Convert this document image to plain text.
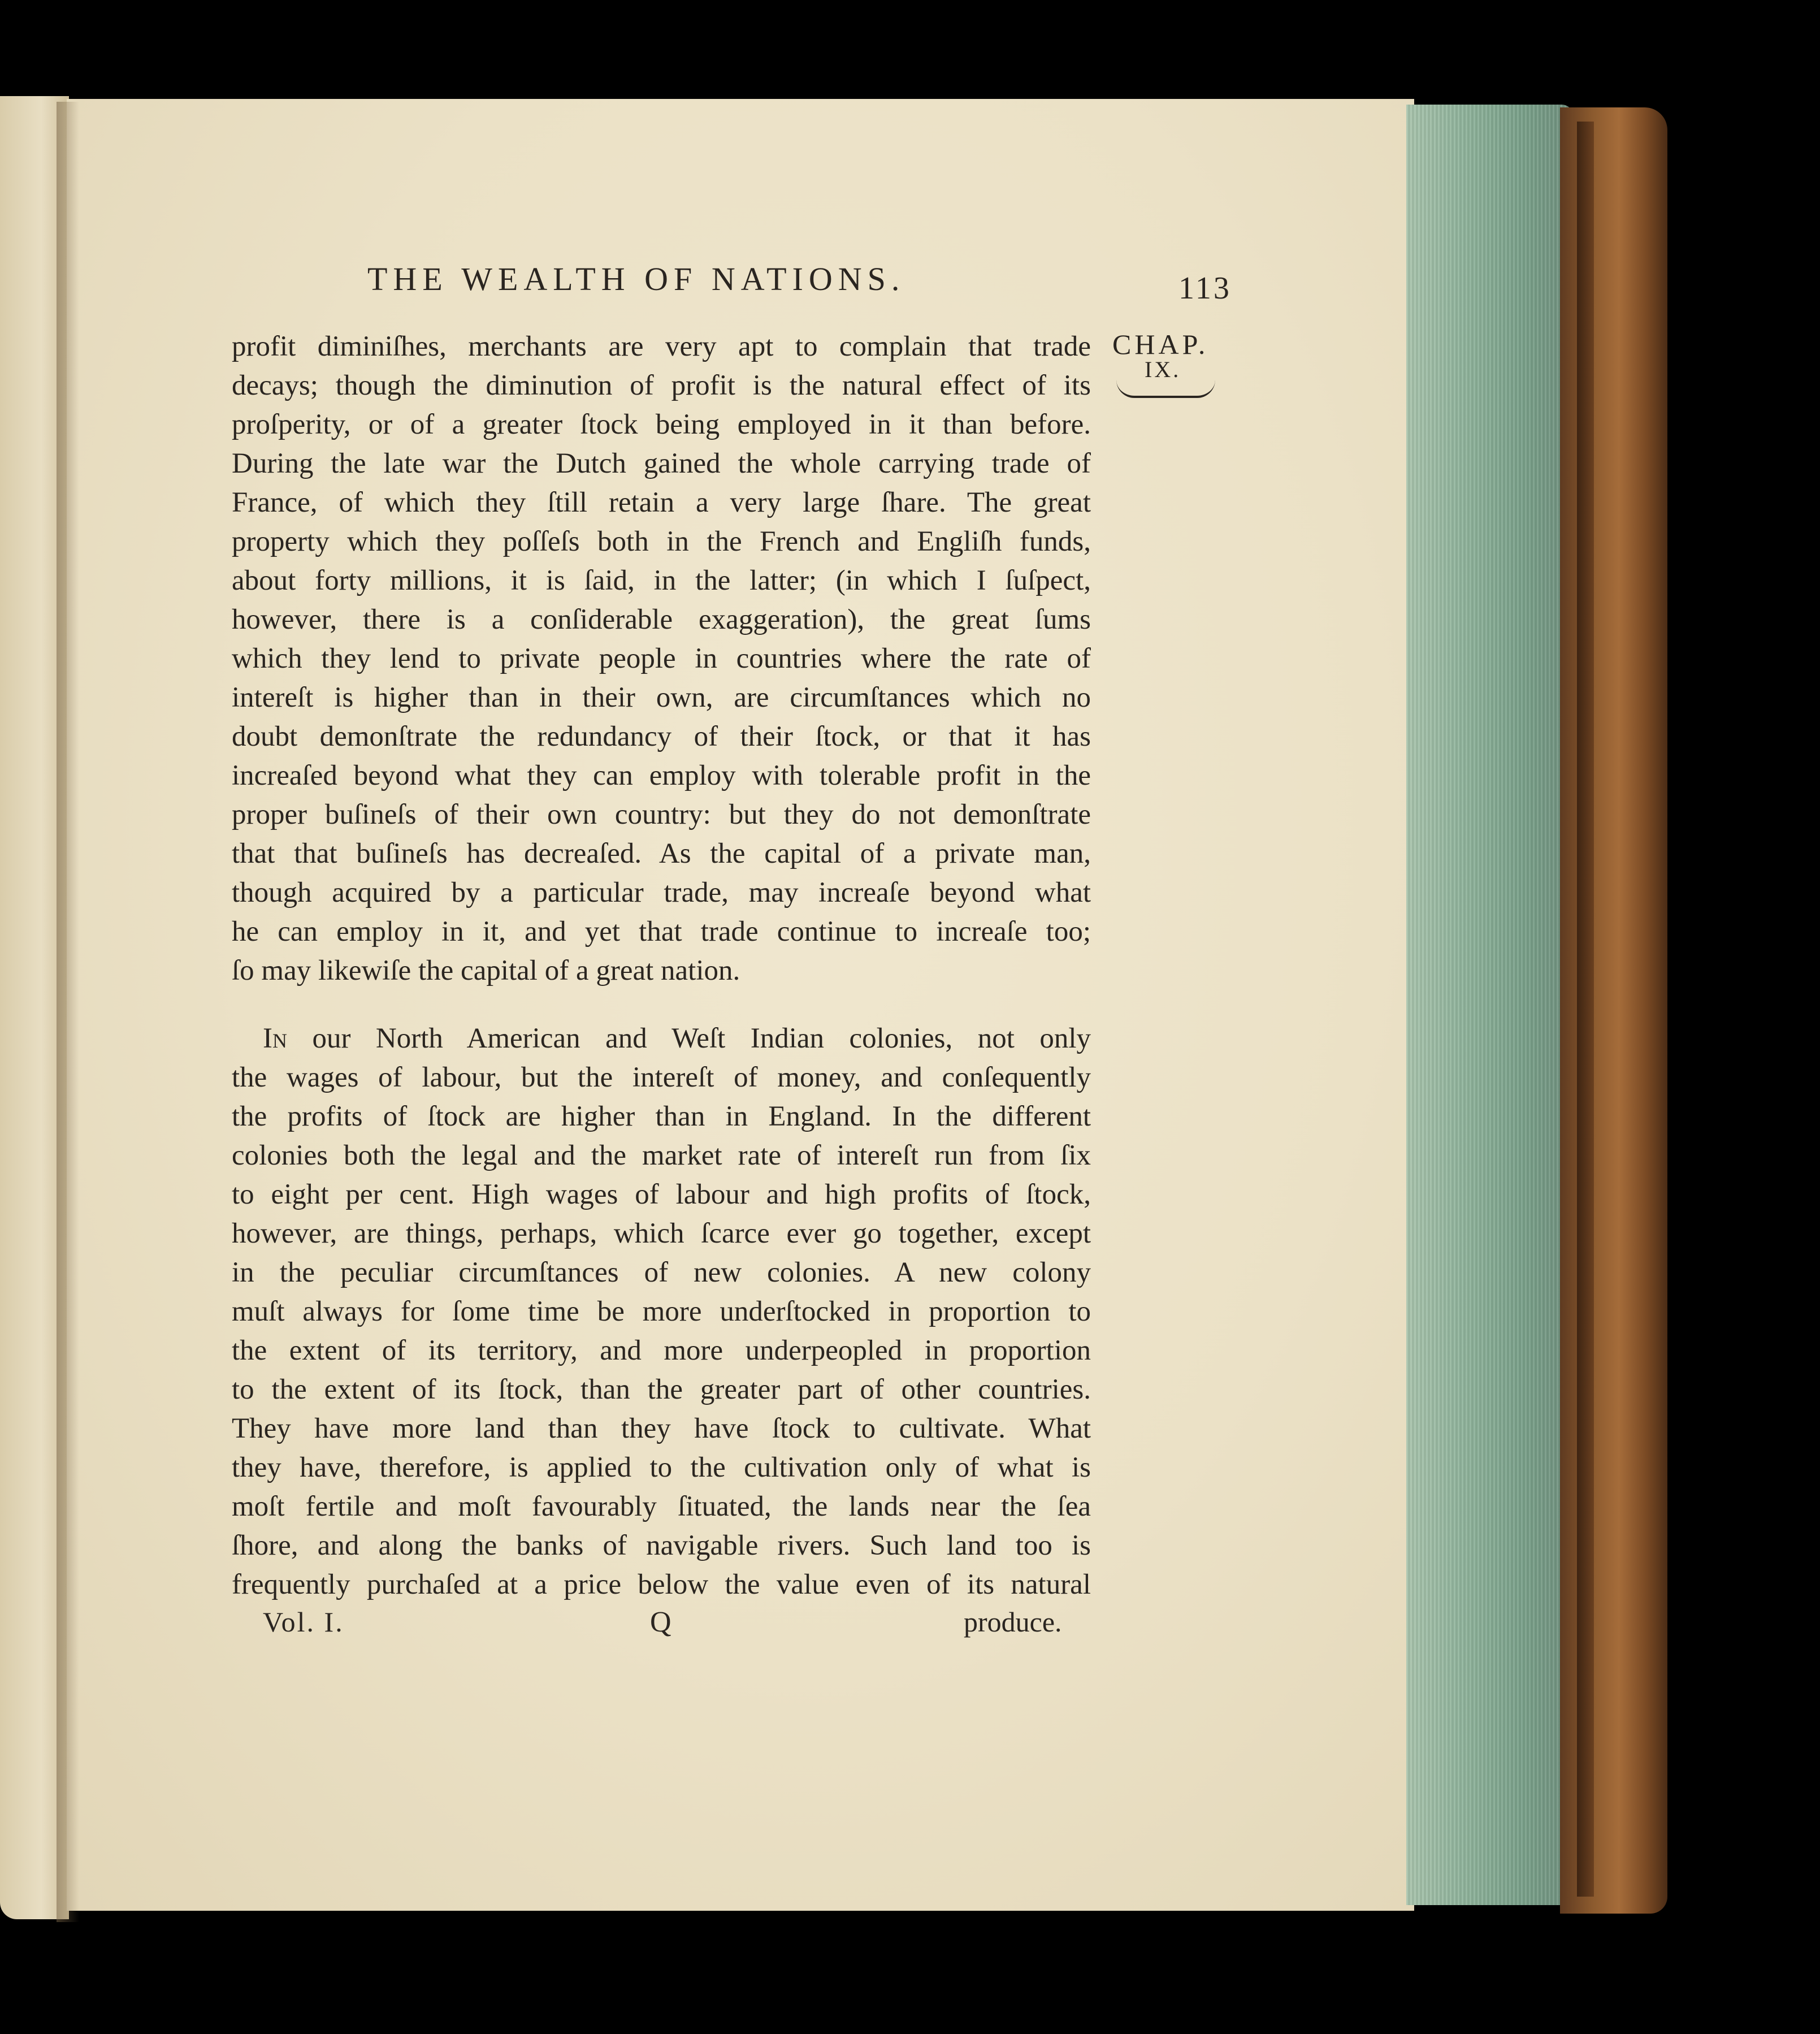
THE WEALTH OF NATIONS.	113
CHAP.
IX.
profit diminiſhes, merchants are very apt to complain that trade
decays; though the diminution of profit is the natural effect of its
proſperity, or of a greater ſtock being employed in it than before.
During the late war the Dutch gained the whole carrying trade of
France, of which they ſtill retain a very large ſhare. The great
property which they poſſeſs both in the French and Engliſh funds,
about forty millions, it is ſaid, in the latter; (in which I ſuſpect,
however, there is a conſiderable exaggeration), the great ſums
which they lend to private people in countries where the rate of
intereſt is higher than in their own, are circumſtances which no
doubt demonſtrate the redundancy of their ſtock, or that it has
increaſed beyond what they can employ with tolerable profit in the
proper buſineſs of their own country: but they do not demonſtrate
that that buſineſs has decreaſed. As the capital of a private man,
though acquired by a particular trade, may increaſe beyond what
he can employ in it, and yet that trade continue to increaſe too;
ſo may likewiſe the capital of a great nation.
In our North American and Weſt Indian colonies, not only
the wages of labour, but the intereſt of money, and conſequently
the profits of ſtock are higher than in England. In the different
colonies both the legal and the market rate of intereſt run from ſix
to eight per cent. High wages of labour and high profits of ſtock,
however, are things, perhaps, which ſcarce ever go together, except
in the peculiar circumſtances of new colonies. A new colony
muſt always for ſome time be more underſtocked in proportion to
the extent of its territory, and more underpeopled in proportion
to the extent of its ſtock, than the greater part of other countries.
They have more land than they have ſtock to cultivate. What
they have, therefore, is applied to the cultivation only of what is
moſt fertile and moſt favourably ſituated, the lands near the ſea
ſhore, and along the banks of navigable rivers. Such land too is
frequently purchaſed at a price below the value even of its natural
Vol. I.	Q	produce.
